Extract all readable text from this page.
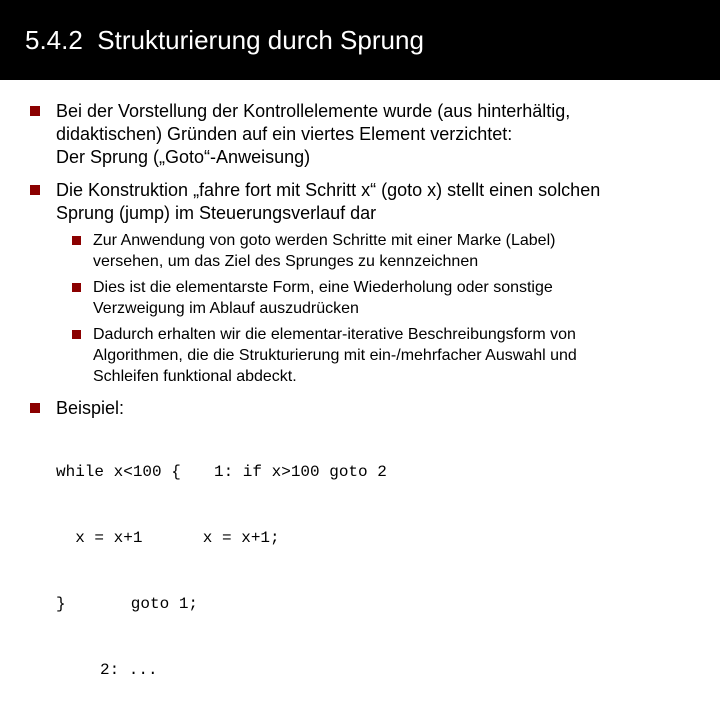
5.4.2  Strukturierung durch Sprung
Bei der Vorstellung der Kontrollelemente wurde (aus hinterhältig,
didaktischen) Gründen auf ein viertes Element verzichtet:
Der Sprung („Goto“-Anweisung)
Die Konstruktion „fahre fort mit Schritt x“ (goto x) stellt einen solchen
Sprung (jump) im Steuerungsverlauf dar
Zur Anwendung von goto werden Schritte mit einer Marke (Label)
versehen, um das Ziel des Sprunges zu kennzeichnen
Dies ist die elementarste Form, eine Wiederholung oder sonstige
Verzweigung im Ablauf auszudrücken
Dadurch erhalten wir die elementar-iterative Beschreibungsform von
Algorithmen, die die Strukturierung mit ein-/mehrfacher Auswahl und
Schleifen funktional abdeckt.
Beispiel:

while x<100 {

x = x+1

}

1: if x>100 goto 2

x = x+1;

goto 1;

2: ...
